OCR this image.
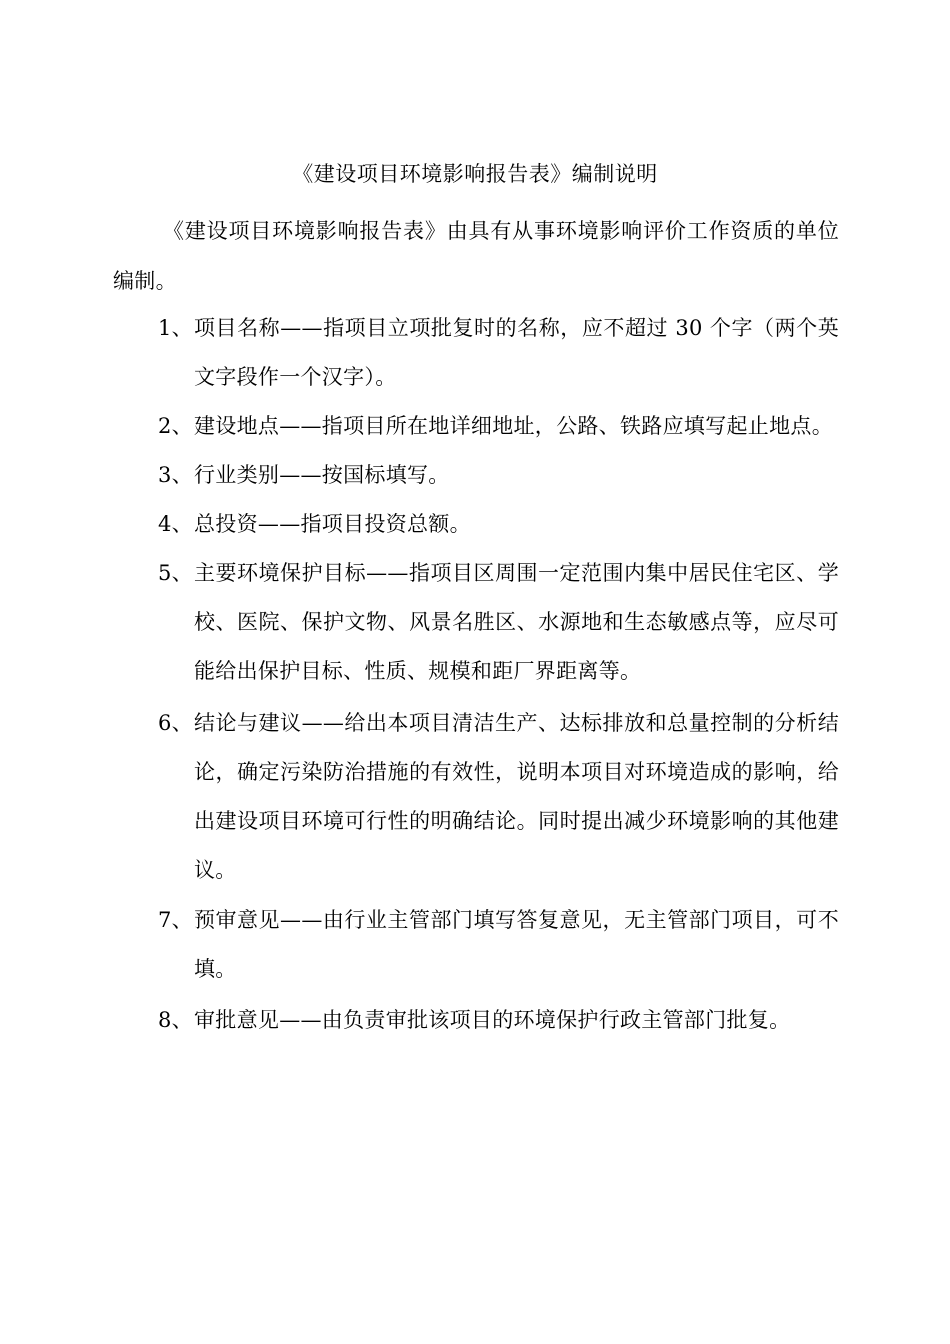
《建设项目环境影响报告表》编制说明

《建设项目环境影响报告表》由具有从事环境影响评价工作资质的单位编制。

1、 项目名称——指项目立项批复时的名称，应不超过 30 个字（两个英文字段作一个汉字）。
2、 建设地点——指项目所在地详细地址，公路、铁路应填写起止地点。
3、 行业类别——按国标填写。
4、 总投资——指项目投资总额。
5、 主要环境保护目标——指项目区周围一定范围内集中居民住宅区、学校、医院、保护文物、风景名胜区、水源地和生态敏感点等，应尽可能给出保护目标、性质、规模和距厂界距离等。
6、 结论与建议——给出本项目清洁生产、达标排放和总量控制的分析结论，确定污染防治措施的有效性，说明本项目对环境造成的影响，给出建设项目环境可行性的明确结论。同时提出减少环境影响的其他建议。
7、 预审意见——由行业主管部门填写答复意见，无主管部门项目，可不填。
8、 审批意见——由负责审批该项目的环境保护行政主管部门批复。
